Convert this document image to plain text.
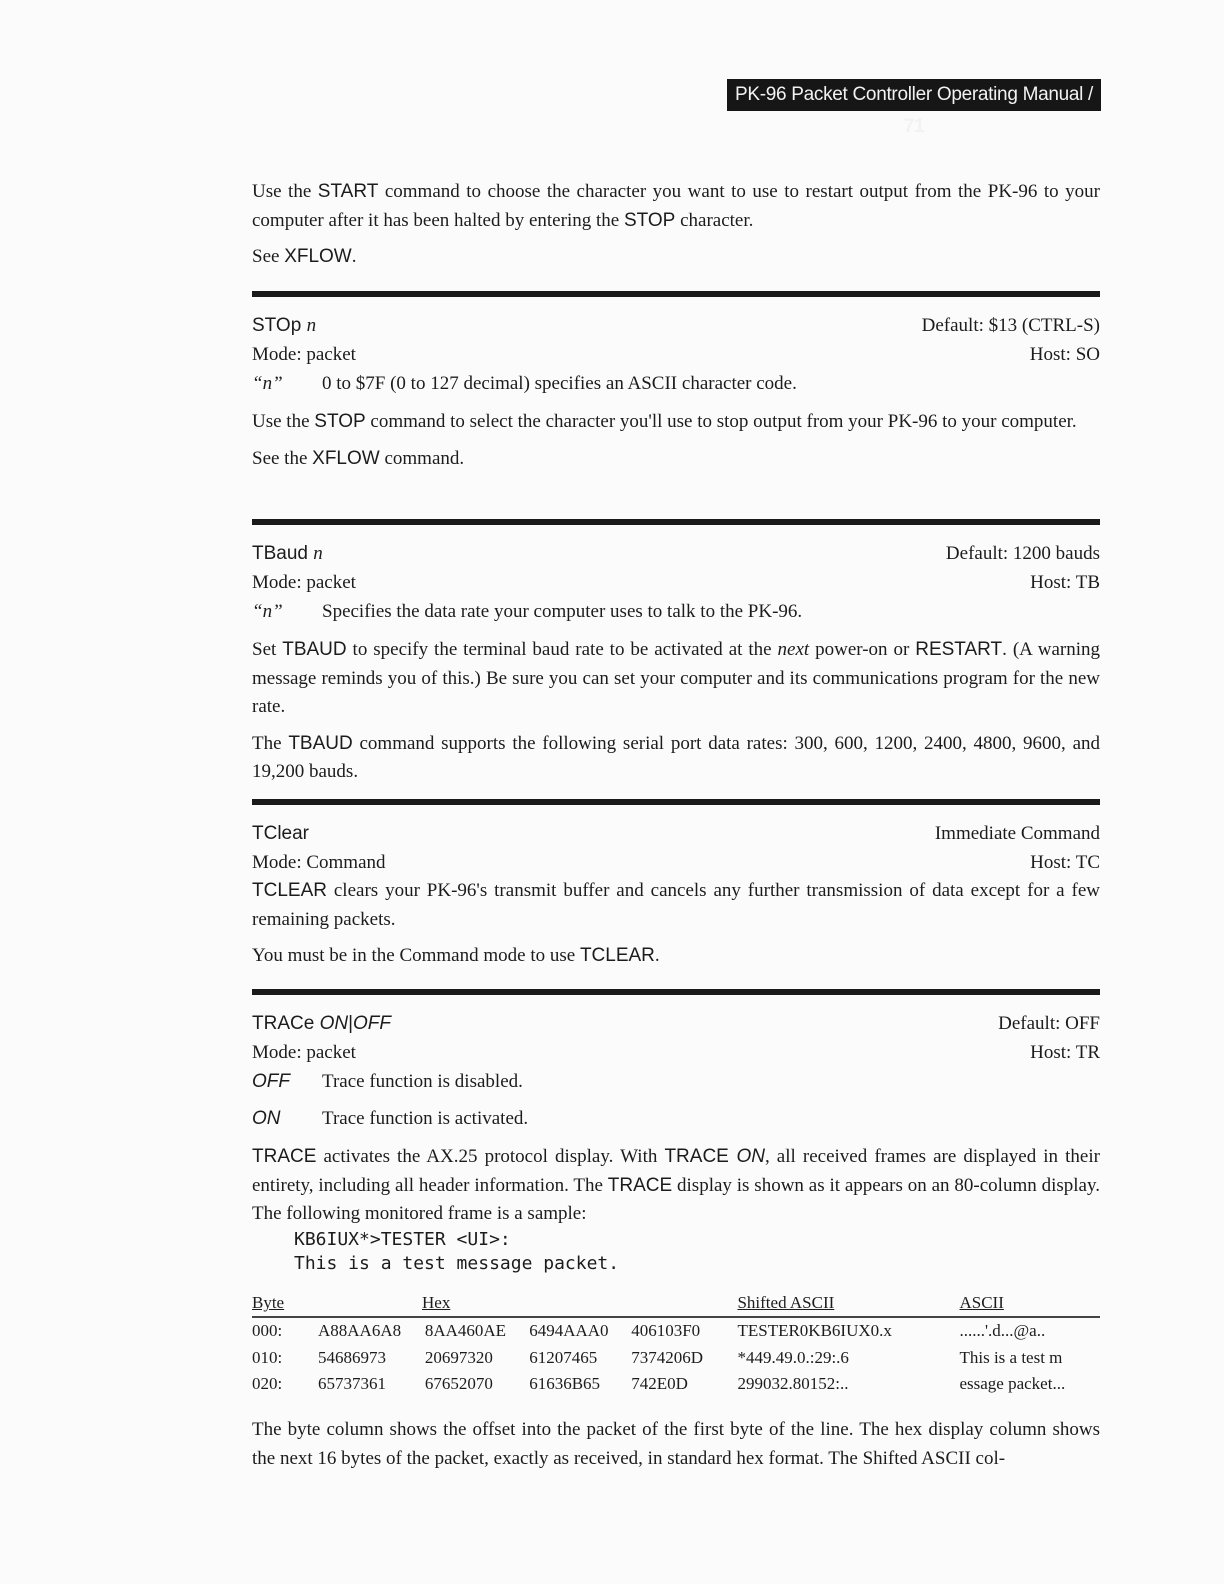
PK-96 Packet Controller Operating Manual / 71

Use the START command to choose the character you want to use to restart output from the PK-96 to your computer after it has been halted by entering the STOP character.

See XFLOW.

STOp n	Default: $13 (CTRL-S)
Mode: packet	Host: SO
“n”	0 to $7F (0 to 127 decimal) specifies an ASCII character code.

Use the STOP command to select the character you'll use to stop output from your PK-96 to your computer.

See the XFLOW command.

TBaud n	Default: 1200 bauds
Mode: packet	Host: TB
“n”	Specifies the data rate your computer uses to talk to the PK-96.

Set TBAUD to specify the terminal baud rate to be activated at the next power-on or RESTART. (A warning message reminds you of this.) Be sure you can set your computer and its communications program for the new rate.

The TBAUD command supports the following serial port data rates: 300, 600, 1200, 2400, 4800, 9600, and 19,200 bauds.

TClear	Immediate Command
Mode: Command	Host: TC

TCLEAR clears your PK-96's transmit buffer and cancels any further transmission of data except for a few remaining packets.

You must be in the Command mode to use TCLEAR.

TRACe ON|OFF	Default: OFF
Mode: packet	Host: TR
OFF	Trace function is disabled.
ON	Trace function is activated.

TRACE activates the AX.25 protocol display. With TRACE ON, all received frames are displayed in their entirety, including all header information. The TRACE display is shown as it appears on an 80-column display. The following monitored frame is a sample:

KB6IUX*>TESTER <UI>:
This is a test message packet.
Byte	Hex				Shifted ASCII	ASCII
000:	A88AA6A8	8AA460AE	6494AAA0	406103F0	TESTER0KB6IUX0.x	......'.d...@a..
010:	54686973	20697320	61207465	7374206D	*449.49.0.:29:.6	This is a test m
020:	65737361	67652070	61636B65	742E0D	299032.80152:..	essage packet...

The byte column shows the offset into the packet of the first byte of the line. The hex display column shows the next 16 bytes of the packet, exactly as received, in standard hex format. The Shifted ASCII col-
